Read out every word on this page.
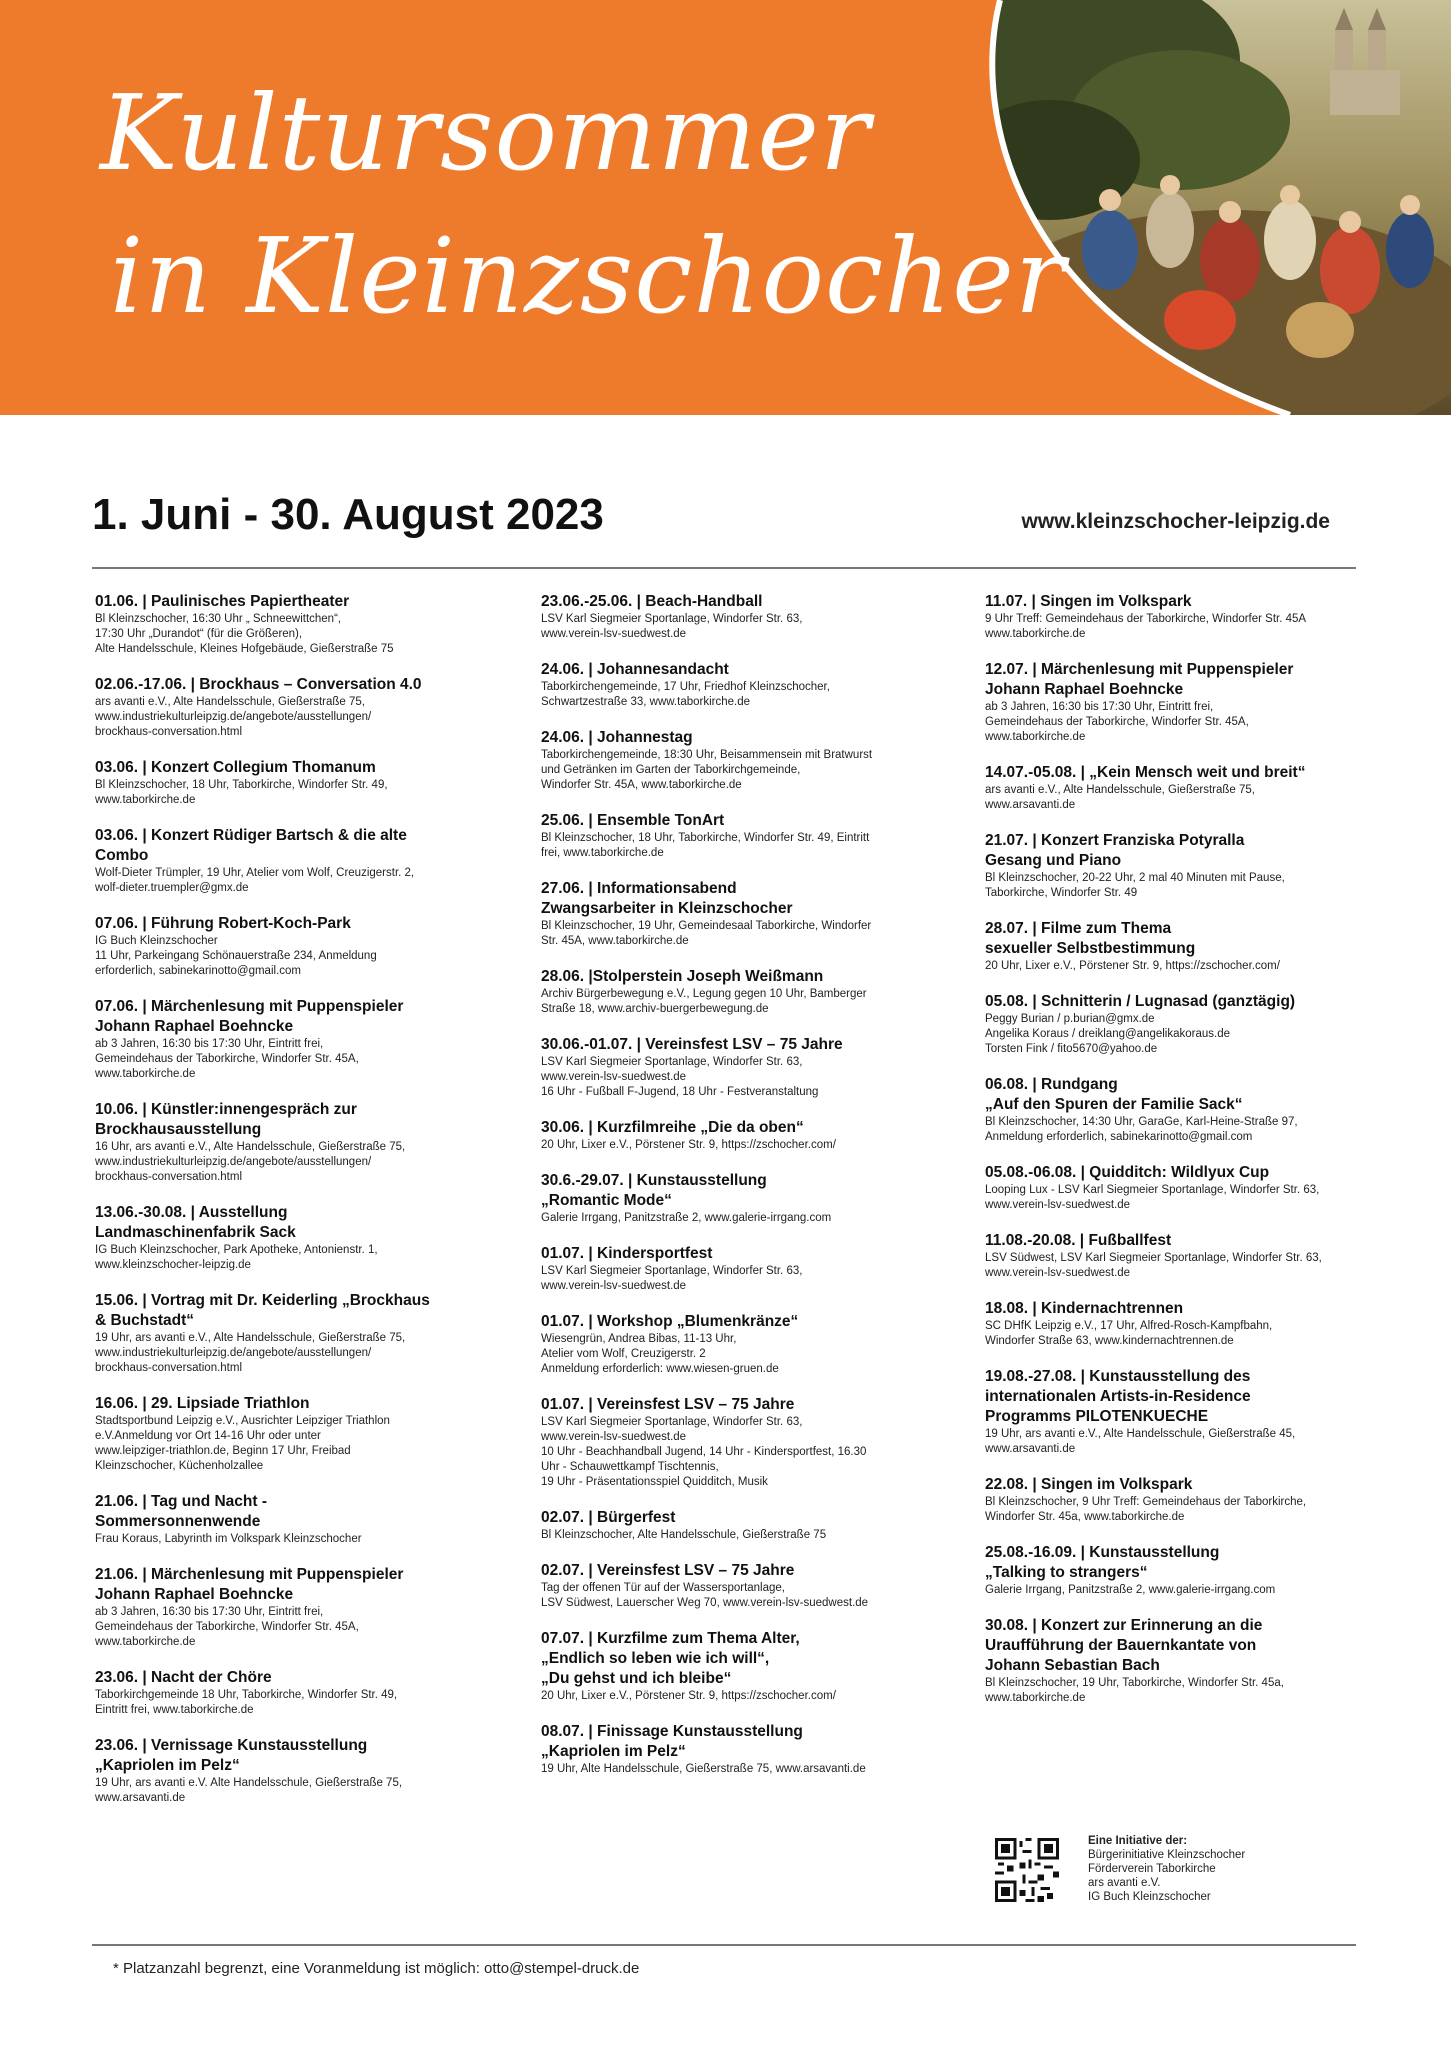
Kultursommer
in Kleinzschocher
1. Juni - 30. August 2023	www.kleinzschocher-leipzig.de
01.06. | Paulinisches Papiertheater
Bl Kleinzschocher, 16:30 Uhr „ Schneewittchen“,
17:30 Uhr „Durandot“ (für die Größeren),
Alte Handelsschule, Kleines Hofgebäude, Gießerstraße 75
02.06.-17.06. | Brockhaus – Conversation 4.0
ars avanti e.V., Alte Handelsschule, Gießerstraße 75,
www.industriekulturleipzig.de/angebote/ausstellungen/
brockhaus-conversation.html
03.06. | Konzert Collegium Thomanum
Bl Kleinzschocher, 18 Uhr, Taborkirche, Windorfer Str. 49,
www.taborkirche.de
03.06. | Konzert Rüdiger Bartsch & die alte
Combo
Wolf-Dieter Trümpler, 19 Uhr, Atelier vom Wolf, Creuzigerstr. 2,
wolf-dieter.truempler@gmx.de
07.06. | Führung Robert-Koch-Park
IG Buch Kleinzschocher
11 Uhr, Parkeingang Schönauerstraße 234, Anmeldung
erforderlich, sabinekarinotto@gmail.com
07.06. | Märchenlesung mit Puppenspieler
Johann Raphael Boehncke
ab 3 Jahren, 16:30 bis 17:30 Uhr, Eintritt frei,
Gemeindehaus der Taborkirche, Windorfer Str. 45A,
www.taborkirche.de
10.06. | Künstler:innengespräch zur
Brockhausausstellung
16 Uhr, ars avanti e.V., Alte Handelsschule, Gießerstraße 75,
www.industriekulturleipzig.de/angebote/ausstellungen/
brockhaus-conversation.html
13.06.-30.08. | Ausstellung
Landmaschinenfabrik Sack
IG Buch Kleinzschocher, Park Apotheke, Antonienstr. 1,
www.kleinzschocher-leipzig.de
15.06. | Vortrag mit Dr. Keiderling „Brockhaus
& Buchstadt“
19 Uhr, ars avanti e.V., Alte Handelsschule, Gießerstraße 75,
www.industriekulturleipzig.de/angebote/ausstellungen/
brockhaus-conversation.html
16.06. | 29. Lipsiade Triathlon
Stadtsportbund Leipzig e.V., Ausrichter Leipziger Triathlon
e.V.Anmeldung vor Ort 14-16 Uhr oder unter
www.leipziger-triathlon.de, Beginn 17 Uhr, Freibad
Kleinzschocher, Küchenholzallee
21.06. | Tag und Nacht -
Sommersonnenwende
Frau Koraus, Labyrinth im Volkspark Kleinzschocher
21.06. | Märchenlesung mit Puppenspieler
Johann Raphael Boehncke
ab 3 Jahren, 16:30 bis 17:30 Uhr, Eintritt frei,
Gemeindehaus der Taborkirche, Windorfer Str. 45A,
www.taborkirche.de
23.06. | Nacht der Chöre
Taborkirchgemeinde 18 Uhr, Taborkirche, Windorfer Str. 49,
Eintritt frei, www.taborkirche.de
23.06. | Vernissage Kunstausstellung
„Kapriolen im Pelz“
19 Uhr, ars avanti e.V. Alte Handelsschule, Gießerstraße 75,
www.arsavanti.de
23.06.-25.06. | Beach-Handball
LSV Karl Siegmeier Sportanlage, Windorfer Str. 63,
www.verein-lsv-suedwest.de
24.06. | Johannesandacht
Taborkirchengemeinde, 17 Uhr, Friedhof Kleinzschocher,
Schwartzestraße 33, www.taborkirche.de
24.06. | Johannestag
Taborkirchengemeinde, 18:30 Uhr, Beisammensein mit Bratwurst
und Getränken im Garten der Taborkirchgemeinde,
Windorfer Str. 45A, www.taborkirche.de
25.06. | Ensemble TonArt
Bl Kleinzschocher, 18 Uhr, Taborkirche, Windorfer Str. 49, Eintritt
frei, www.taborkirche.de
27.06. | Informationsabend
Zwangsarbeiter in Kleinzschocher
Bl Kleinzschocher, 19 Uhr, Gemeindesaal Taborkirche, Windorfer
Str. 45A, www.taborkirche.de
28.06. |Stolperstein Joseph Weißmann
Archiv Bürgerbewegung e.V., Legung gegen 10 Uhr, Bamberger
Straße 18, www.archiv-buergerbewegung.de
30.06.-01.07. | Vereinsfest LSV – 75 Jahre
LSV Karl Siegmeier Sportanlage, Windorfer Str. 63,
www.verein-lsv-suedwest.de
16 Uhr - Fußball F-Jugend, 18 Uhr - Festveranstaltung
30.06. | Kurzfilmreihe „Die da oben“
20 Uhr, Lixer e.V., Pörstener Str. 9, https://zschocher.com/
30.6.-29.07. | Kunstausstellung
„Romantic Mode“
Galerie Irrgang, Panitzstraße 2, www.galerie-irrgang.com
01.07. | Kindersportfest
LSV Karl Siegmeier Sportanlage, Windorfer Str. 63,
www.verein-lsv-suedwest.de
01.07. | Workshop „Blumenkränze“
Wiesengrün, Andrea Bibas, 11-13 Uhr,
Atelier vom Wolf, Creuzigerstr. 2
Anmeldung erforderlich: www.wiesen-gruen.de
01.07. | Vereinsfest LSV – 75 Jahre
LSV Karl Siegmeier Sportanlage, Windorfer Str. 63,
www.verein-lsv-suedwest.de
10 Uhr - Beachhandball Jugend, 14 Uhr - Kindersportfest, 16.30
Uhr - Schauwettkampf Tischtennis,
19 Uhr - Präsentationsspiel Quidditch, Musik
02.07. | Bürgerfest
Bl Kleinzschocher, Alte Handelsschule, Gießerstraße 75
02.07. | Vereinsfest LSV – 75 Jahre
Tag der offenen Tür auf der Wassersportanlage,
LSV Südwest, Lauerscher Weg 70, www.verein-lsv-suedwest.de
07.07. | Kurzfilme zum Thema Alter,
„Endlich so leben wie ich will“,
„Du gehst und ich bleibe“
20 Uhr, Lixer e.V., Pörstener Str. 9, https://zschocher.com/
08.07. | Finissage Kunstausstellung
„Kapriolen im Pelz“
19 Uhr, Alte Handelsschule, Gießerstraße 75, www.arsavanti.de
11.07. | Singen im Volkspark
9 Uhr Treff: Gemeindehaus der Taborkirche, Windorfer Str. 45A
www.taborkirche.de
12.07. | Märchenlesung mit Puppenspieler
Johann Raphael Boehncke
ab 3 Jahren, 16:30 bis 17:30 Uhr, Eintritt frei,
Gemeindehaus der Taborkirche, Windorfer Str. 45A,
www.taborkirche.de
14.07.-05.08. | „Kein Mensch weit und breit“
ars avanti e.V., Alte Handelsschule, Gießerstraße 75,
www.arsavanti.de
21.07. | Konzert Franziska Potyralla
Gesang und Piano
Bl Kleinzschocher, 20-22 Uhr, 2 mal 40 Minuten mit Pause,
Taborkirche, Windorfer Str. 49
28.07. | Filme zum Thema
sexueller Selbstbestimmung
20 Uhr, Lixer e.V., Pörstener Str. 9, https://zschocher.com/
05.08. | Schnitterin / Lugnasad (ganztägig)
Peggy Burian / p.burian@gmx.de
Angelika Koraus / dreiklang@angelikakoraus.de
Torsten Fink / fito5670@yahoo.de
06.08. | Rundgang
„Auf den Spuren der Familie Sack“
Bl Kleinzschocher, 14:30 Uhr, GaraGe, Karl-Heine-Straße 97,
Anmeldung erforderlich, sabinekarinotto@gmail.com
05.08.-06.08. | Quidditch: Wildlyux Cup
Looping Lux - LSV Karl Siegmeier Sportanlage, Windorfer Str. 63,
www.verein-lsv-suedwest.de
11.08.-20.08. | Fußballfest
LSV Südwest, LSV Karl Siegmeier Sportanlage, Windorfer Str. 63,
www.verein-lsv-suedwest.de
18.08. | Kindernachtrennen
SC DHfK Leipzig e.V., 17 Uhr, Alfred-Rosch-Kampfbahn,
Windorfer Straße 63, www.kindernachtrennen.de
19.08.-27.08. | Kunstausstellung des
internationalen Artists-in-Residence
Programms PILOTENKUECHE
19 Uhr, ars avanti e.V., Alte Handelsschule, Gießerstraße 45,
www.arsavanti.de
22.08. | Singen im Volkspark
Bl Kleinzschocher, 9 Uhr Treff: Gemeindehaus der Taborkirche,
Windorfer Str. 45a, www.taborkirche.de
25.08.-16.09. | Kunstausstellung
„Talking to strangers“
Galerie Irrgang, Panitzstraße 2, www.galerie-irrgang.com
30.08. | Konzert zur Erinnerung an die
Uraufführung der Bauernkantate von
Johann Sebastian Bach
Bl Kleinzschocher, 19 Uhr, Taborkirche, Windorfer Str. 45a,
www.taborkirche.de
Eine Initiative der:
Bürgerinitiative Kleinzschocher
Förderverein Taborkirche
ars avanti e.V.
IG Buch Kleinzschocher
* Platzanzahl begrenzt, eine Voranmeldung ist möglich: otto@stempel-druck.de
